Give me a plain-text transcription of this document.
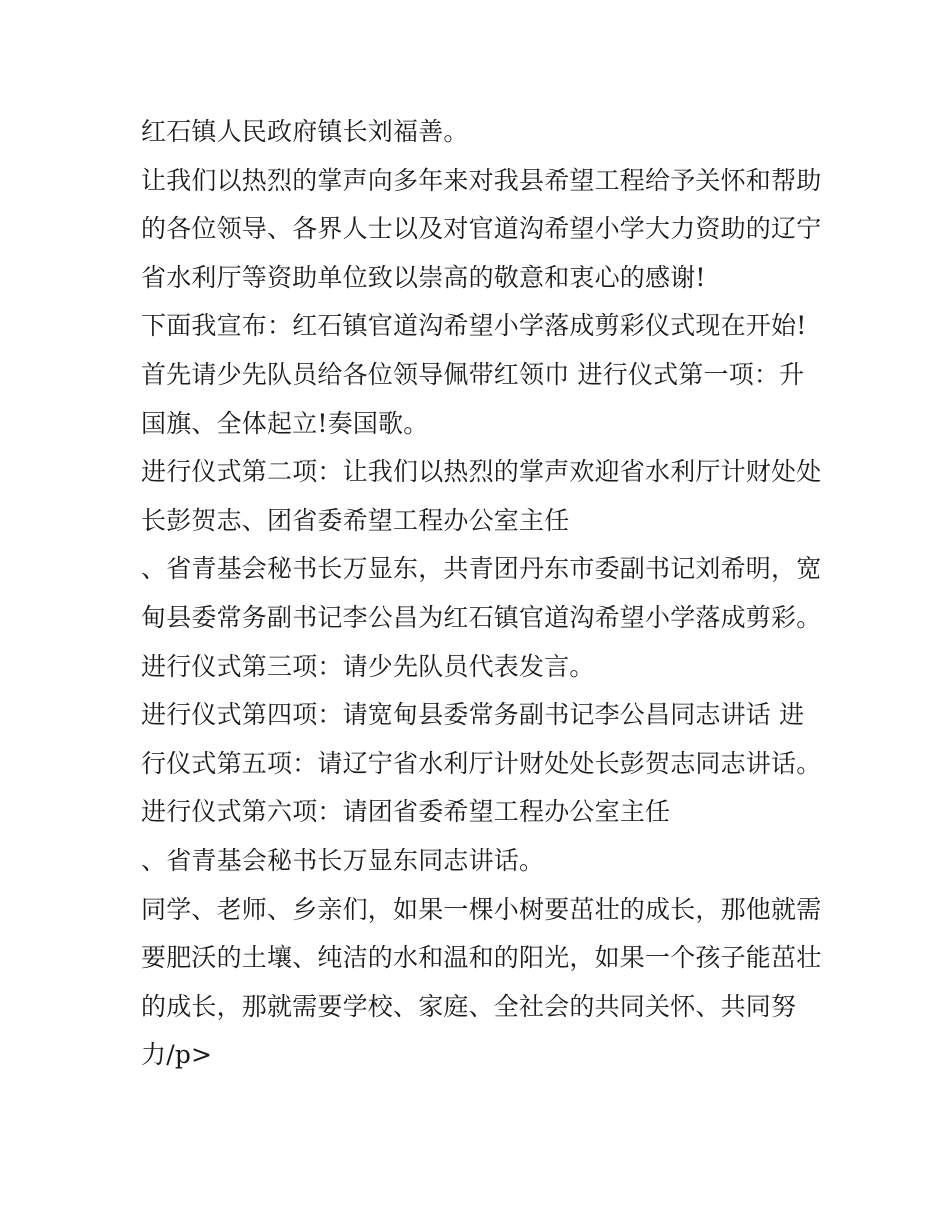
红石镇人民政府镇长刘福善。
让我们以热烈的掌声向多年来对我县希望工程给予关怀和帮助
的各位领导、各界人士以及对官道沟希望小学大力资助的辽宁
省水利厅等资助单位致以崇高的敬意和衷心的感谢!
下面我宣布：红石镇官道沟希望小学落成剪彩仪式现在开始!
首先请少先队员给各位领导佩带红领巾 进行仪式第一项：升
国旗、全体起立!奏国歌。
进行仪式第二项：让我们以热烈的掌声欢迎省水利厅计财处处
长彭贺志、团省委希望工程办公室主任
、省青基会秘书长万显东，共青团丹东市委副书记刘希明，宽
甸县委常务副书记李公昌为红石镇官道沟希望小学落成剪彩。
进行仪式第三项：请少先队员代表发言。
进行仪式第四项：请宽甸县委常务副书记李公昌同志讲话 进
行仪式第五项：请辽宁省水利厅计财处处长彭贺志同志讲话。
进行仪式第六项：请团省委希望工程办公室主任
、省青基会秘书长万显东同志讲话。
同学、老师、乡亲们，如果一棵小树要茁壮的成长，那他就需
要肥沃的土壤、纯洁的水和温和的阳光，如果一个孩子能茁壮
的成长，那就需要学校、家庭、全社会的共同关怀、共同努
力/p>
